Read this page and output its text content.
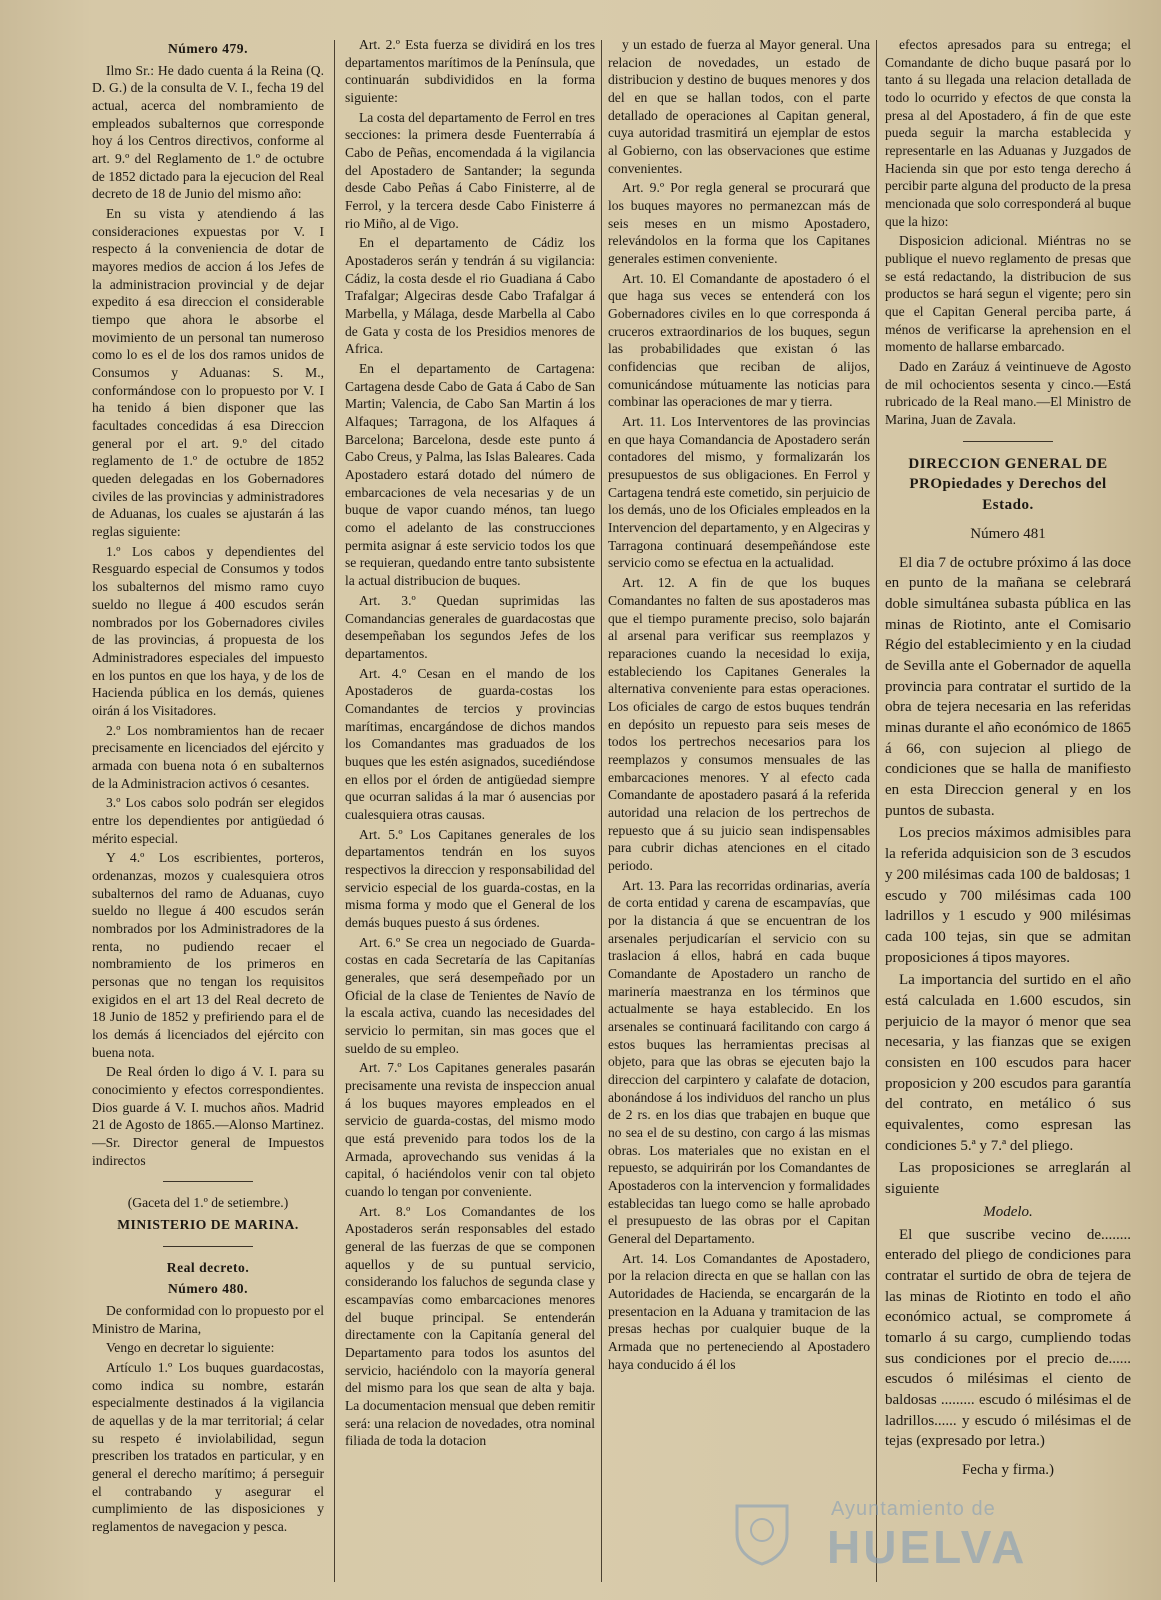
Número 479.

Ilmo Sr.: He dado cuenta á la Reina (Q. D. G.) de la consulta de V. I., fecha 19 del actual, acerca del nombramiento de empleados subalternos que corresponde hoy á los Centros directivos, conforme al art. 9.º del Reglamento de 1.º de octubre de 1852 dictado para la ejecucion del Real decreto de 18 de Junio del mismo año:

En su vista y atendiendo á las consideraciones expuestas por V. I respecto á la conveniencia de dotar de mayores medios de accion á los Jefes de la administracion provincial y de dejar expedito á esa direccion el considerable tiempo que ahora le absorbe el movimiento de un personal tan numeroso como lo es el de los dos ramos unidos de Consumos y Aduanas: S. M., conformándose con lo propuesto por V. I ha tenido á bien disponer que las facultades concedidas á esa Direccion general por el art. 9.º del citado reglamento de 1.º de octubre de 1852 queden delegadas en los Gobernadores civiles de las provincias y administradores de Aduanas, los cuales se ajustarán á las reglas siguiente:

1.º Los cabos y dependientes del Resguardo especial de Consumos y todos los subalternos del mismo ramo cuyo sueldo no llegue á 400 escudos serán nombrados por los Gobernadores civiles de las provincias, á propuesta de los Administradores especiales del impuesto en los puntos en que los haya, y de los de Hacienda pública en los demás, quienes oirán á los Visitadores.

2.º Los nombramientos han de recaer precisamente en licenciados del ejército y armada con buena nota ó en subalternos de la Administracion activos ó cesantes.

3.º Los cabos solo podrán ser elegidos entre los dependientes por antigüedad ó mérito especial.

Y 4.º Los escribientes, porteros, ordenanzas, mozos y cualesquiera otros subalternos del ramo de Aduanas, cuyo sueldo no llegue á 400 escudos serán nombrados por los Administradores de la renta, no pudiendo recaer el nombramiento de los primeros en personas que no tengan los requisitos exigidos en el art 13 del Real decreto de 18 Junio de 1852 y prefiriendo para el de los demás á licenciados del ejército con buena nota.

De Real órden lo digo á V. I. para su conocimiento y efectos correspondientes. Dios guarde á V. I. muchos años. Madrid 21 de Agosto de 1865.—Alonso Martinez.—Sr. Director general de Impuestos indirectos

(Gaceta del 1.º de setiembre.)

MINISTERIO DE MARINA.

Real decreto.

Número 480.

De conformidad con lo propuesto por el Ministro de Marina,

Vengo en decretar lo siguiente:

Artículo 1.º Los buques guardacostas, como indica su nombre, estarán especialmente destinados á la vigilancia de aquellas y de la mar territorial; á celar su respeto é inviolabilidad, segun prescriben los tratados en particular, y en general el derecho marítimo; á perseguir el contrabando y asegurar el cumplimiento de las disposiciones y reglamentos de navegacion y pesca.

Art. 2.º Esta fuerza se dividirá en los tres departamentos marítimos de la Península, que continuarán subdivididos en la forma siguiente:

La costa del departamento de Ferrol en tres secciones: la primera desde Fuenterrabía á Cabo de Peñas, encomendada á la vigilancia del Apostadero de Santander; la segunda desde Cabo Peñas á Cabo Finisterre, al de Ferrol, y la tercera desde Cabo Finisterre á rio Miño, al de Vigo.

En el departamento de Cádiz los Apostaderos serán y tendrán á su vigilancia: Cádiz, la costa desde el rio Guadiana á Cabo Trafalgar; Algeciras desde Cabo Trafalgar á Marbella, y Málaga, desde Marbella al Cabo de Gata y costa de los Presidios menores de Africa.

En el departamento de Cartagena: Cartagena desde Cabo de Gata á Cabo de San Martin; Valencia, de Cabo San Martin á los Alfaques; Tarragona, de los Alfaques á Barcelona; Barcelona, desde este punto á Cabo Creus, y Palma, las Islas Baleares. Cada Apostadero estará dotado del número de embarcaciones de vela necesarias y de un buque de vapor cuando ménos, tan luego como el adelanto de las construcciones permita asignar á este servicio todos los que se requieran, quedando entre tanto subsistente la actual distribucion de buques.

Art. 3.º Quedan suprimidas las Comandancias generales de guardacostas que desempeñaban los segundos Jefes de los departamentos.

Art. 4.º Cesan en el mando de los Apostaderos de guarda-costas los Comandantes de tercios y provincias marítimas, encargándose de dichos mandos los Comandantes mas graduados de los buques que les estén asignados, sucediéndose en ellos por el órden de antigüedad siempre que ocurran salidas á la mar ó ausencias por cualesquiera otras causas.

Art. 5.º Los Capitanes generales de los departamentos tendrán en los suyos respectivos la direccion y responsabilidad del servicio especial de los guarda-costas, en la misma forma y modo que el General de los demás buques puesto á sus órdenes.

Art. 6.º Se crea un negociado de Guarda-costas en cada Secretaría de las Capitanías generales, que será desempeñado por un Oficial de la clase de Tenientes de Navío de la escala activa, cuando las necesidades del servicio lo permitan, sin mas goces que el sueldo de su empleo.

Art. 7.º Los Capitanes generales pasarán precisamente una revista de inspeccion anual á los buques mayores empleados en el servicio de guarda-costas, del mismo modo que está prevenido para todos los de la Armada, aprovechando sus venidas á la capital, ó haciéndolos venir con tal objeto cuando lo tengan por conveniente.

Art. 8.º Los Comandantes de los Apostaderos serán responsables del estado general de las fuerzas de que se componen aquellos y de su puntual servicio, considerando los faluchos de segunda clase y escampavías como embarcaciones menores del buque principal. Se entenderán directamente con la Capitanía general del Departamento para todos los asuntos del servicio, haciéndolo con la mayoría general del mismo para los que sean de alta y baja. La documentacion mensual que deben remitir será: una relacion de novedades, otra nominal filiada de toda la dotacion

y un estado de fuerza al Mayor general. Una relacion de novedades, un estado de distribucion y destino de buques menores y dos del en que se hallan todos, con el parte detallado de operaciones al Capitan general, cuya autoridad trasmitirá un ejemplar de estos al Gobierno, con las observaciones que estime convenientes.

Art. 9.º Por regla general se procurará que los buques mayores no permanezcan más de seis meses en un mismo Apostadero, relevándolos en la forma que los Capitanes generales estimen conveniente.

Art. 10. El Comandante de apostadero ó el que haga sus veces se entenderá con los Gobernadores civiles en lo que corresponda á cruceros extraordinarios de los buques, segun las probabilidades que existan ó las confidencias que reciban de alijos, comunicándose mútuamente las noticias para combinar las operaciones de mar y tierra.

Art. 11. Los Interventores de las provincias en que haya Comandancia de Apostadero serán contadores del mismo, y formalizarán los presupuestos de sus obligaciones. En Ferrol y Cartagena tendrá este cometido, sin perjuicio de los demás, uno de los Oficiales empleados en la Intervencion del departamento, y en Algeciras y Tarragona continuará desempeñándose este servicio como se efectua en la actualidad.

Art. 12. A fin de que los buques Comandantes no falten de sus apostaderos mas que el tiempo puramente preciso, solo bajarán al arsenal para verificar sus reemplazos y reparaciones cuando la necesidad lo exija, estableciendo los Capitanes Generales la alternativa conveniente para estas operaciones. Los oficiales de cargo de estos buques tendrán en depósito un repuesto para seis meses de todos los pertrechos necesarios para los reemplazos y consumos mensuales de las embarcaciones menores. Y al efecto cada Comandante de apostadero pasará á la referida autoridad una relacion de los pertrechos de repuesto que á su juicio sean indispensables para cubrir dichas atenciones en el citado periodo.

Art. 13. Para las recorridas ordinarias, avería de corta entidad y carena de escampavías, que por la distancia á que se encuentran de los arsenales perjudicarían el servicio con su traslacion á ellos, habrá en cada buque Comandante de Apostadero un rancho de marinería maestranza en los términos que actualmente se haya establecido. En los arsenales se continuará facilitando con cargo á estos buques las herramientas precisas al objeto, para que las obras se ejecuten bajo la direccion del carpintero y calafate de dotacion, abonándose á los individuos del rancho un plus de 2 rs. en los dias que trabajen en buque que no sea el de su destino, con cargo á las mismas obras. Los materiales que no existan en el repuesto, se adquirirán por los Comandantes de Apostaderos con la intervencion y formalidades establecidas tan luego como se halle aprobado el presupuesto de las obras por el Capitan General del Departamento.

Art. 14. Los Comandantes de Apostadero, por la relacion directa en que se hallan con las Autoridades de Hacienda, se encargarán de la presentacion en la Aduana y tramitacion de las presas hechas por cualquier buque de la Armada que no perteneciendo al Apostadero haya conducido á él los

efectos apresados para su entrega; el Comandante de dicho buque pasará por lo tanto á su llegada una relacion detallada de todo lo ocurrido y efectos de que consta la presa al del Apostadero, á fin de que este pueda seguir la marcha establecida y representarle en las Aduanas y Juzgados de Hacienda sin que por esto tenga derecho á percibir parte alguna del producto de la presa mencionada que solo corresponderá al buque que la hizo:

Disposicion adicional. Miéntras no se publique el nuevo reglamento de presas que se está redactando, la distribucion de sus productos se hará segun el vigente; pero sin que el Capitan General perciba parte, á ménos de verificarse la aprehension en el momento de hallarse embarcado.

Dado en Zaráuz á veintinueve de Agosto de mil ochocientos sesenta y cinco.—Está rubricado de la Real mano.—El Ministro de Marina, Juan de Zavala.

DIRECCION GENERAL DE PROpiedades y Derechos del Estado.

Número 481

El dia 7 de octubre próximo á las doce en punto de la mañana se celebrará doble simultánea subasta pública en las minas de Riotinto, ante el Comisario Régio del establecimiento y en la ciudad de Sevilla ante el Gobernador de aquella provincia para contratar el surtido de la obra de tejera necesaria en las referidas minas durante el año económico de 1865 á 66, con sujecion al pliego de condiciones que se halla de manifiesto en esta Direccion general y en los puntos de subasta.

Los precios máximos admisibles para la referida adquisicion son de 3 escudos y 200 milésimas cada 100 de baldosas; 1 escudo y 700 milésimas cada 100 ladrillos y 1 escudo y 900 milésimas cada 100 tejas, sin que se admitan proposiciones á tipos mayores.

La importancia del surtido en el año está calculada en 1.600 escudos, sin perjuicio de la mayor ó menor que sea necesaria, y las fianzas que se exigen consisten en 100 escudos para hacer proposicion y 200 escudos para garantía del contrato, en metálico ó sus equivalentes, como espresan las condiciones 5.ª y 7.ª del pliego.

Las proposiciones se arreglarán al siguiente

Modelo.

El que suscribe vecino de........ enterado del pliego de condiciones para contratar el surtido de obra de tejera de las minas de Riotinto en todo el año económico actual, se compromete á tomarlo á su cargo, cumpliendo todas sus condiciones por el precio de...... escudos ó milésimas el ciento de baldosas ......... escudo ó milésimas el de ladrillos...... y escudo ó milésimas el de tejas (expresado por letra.)

Fecha y firma.)

Ayuntamiento de
HUELVA
